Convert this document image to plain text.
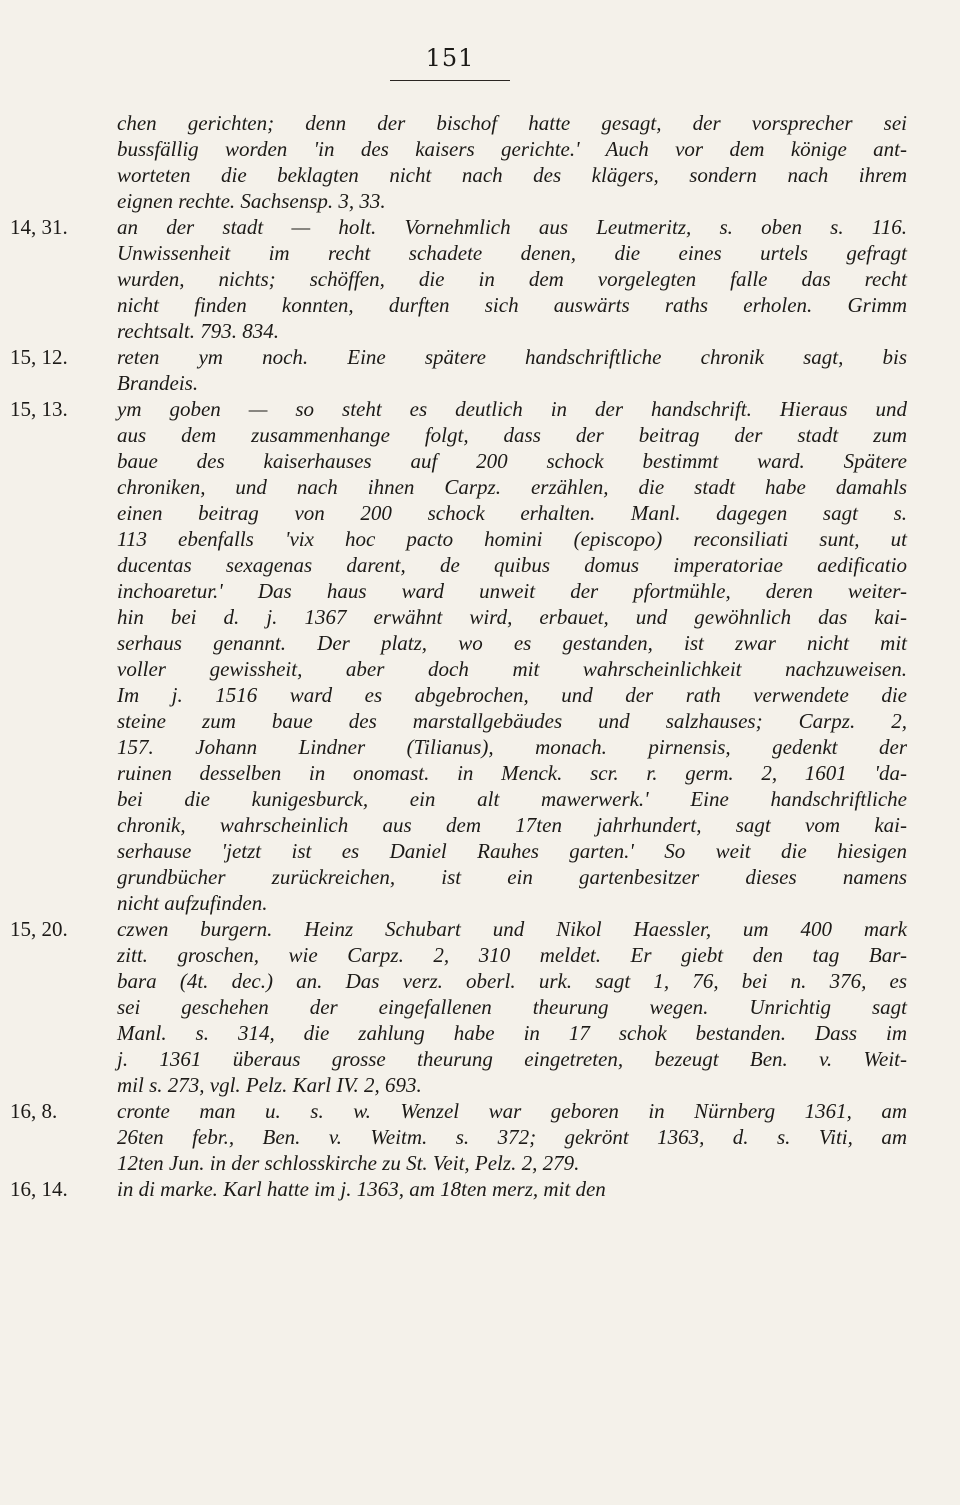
151
chen gerichten; denn der bischof hatte gesagt, der vorsprecher sei
bussfällig worden 'in des kaisers gerichte.' Auch vor dem könige ant-
worteten die beklagten nicht nach des klägers, sondern nach ihrem
eignen rechte. Sachsensp. 3, 33.
14, 31.	an der stadt — holt. Vornehmlich aus Leutmeritz, s. oben s. 116.
Unwissenheit im recht schadete denen, die eines urtels gefragt
wurden, nichts; schöffen, die in dem vorgelegten falle das recht
nicht finden konnten, durften sich auswärts raths erholen. Grimm
rechtsalt. 793. 834.
15, 12.	reten ym noch. Eine spätere handschriftliche chronik sagt, bis
Brandeis.
15, 13.	ym goben — so steht es deutlich in der handschrift. Hieraus und
aus dem zusammenhange folgt, dass der beitrag der stadt zum
baue des kaiserhauses auf 200 schock bestimmt ward. Spätere
chroniken, und nach ihnen Carpz. erzählen, die stadt habe damahls
einen beitrag von 200 schock erhalten. Manl. dagegen sagt s.
113 ebenfalls 'vix hoc pacto homini (episcopo) reconsiliati sunt, ut
ducentas sexagenas darent, de quibus domus imperatoriae aedificatio
inchoaretur.' Das haus ward unweit der pfortmühle, deren weiter-
hin bei d. j. 1367 erwähnt wird, erbauet, und gewöhnlich das kai-
serhaus genannt. Der platz, wo es gestanden, ist zwar nicht mit
voller gewissheit, aber doch mit wahrscheinlichkeit nachzuweisen.
Im j. 1516 ward es abgebrochen, und der rath verwendete die
steine zum baue des marstallgebäudes und salzhauses; Carpz. 2,
157. Johann Lindner (Tilianus), monach. pirnensis, gedenkt der
ruinen desselben in onomast. in Menck. scr. r. germ. 2, 1601 'da-
bei die kunigesburck, ein alt mawerwerk.' Eine handschriftliche
chronik, wahrscheinlich aus dem 17ten jahrhundert, sagt vom kai-
serhause 'jetzt ist es Daniel Rauhes garten.' So weit die hiesigen
grundbücher zurückreichen, ist ein gartenbesitzer dieses namens
nicht aufzufinden.
15, 20.	czwen burgern. Heinz Schubart und Nikol Haessler, um 400 mark
zitt. groschen, wie Carpz. 2, 310 meldet. Er giebt den tag Bar-
bara (4t. dec.) an. Das verz. oberl. urk. sagt 1, 76, bei n. 376, es
sei geschehen der eingefallenen theurung wegen. Unrichtig sagt
Manl. s. 314, die zahlung habe in 17 schok bestanden. Dass im
j. 1361 überaus grosse theurung eingetreten, bezeugt Ben. v. Weit-
mil s. 273, vgl. Pelz. Karl IV. 2, 693.
16, 8.	cronte man u. s. w. Wenzel war geboren in Nürnberg 1361, am
26ten febr., Ben. v. Weitm. s. 372; gekrönt 1363, d. s. Viti, am
12ten Jun. in der schlosskirche zu St. Veit, Pelz. 2, 279.
16, 14.	in di marke. Karl hatte im j. 1363, am 18ten merz, mit den
